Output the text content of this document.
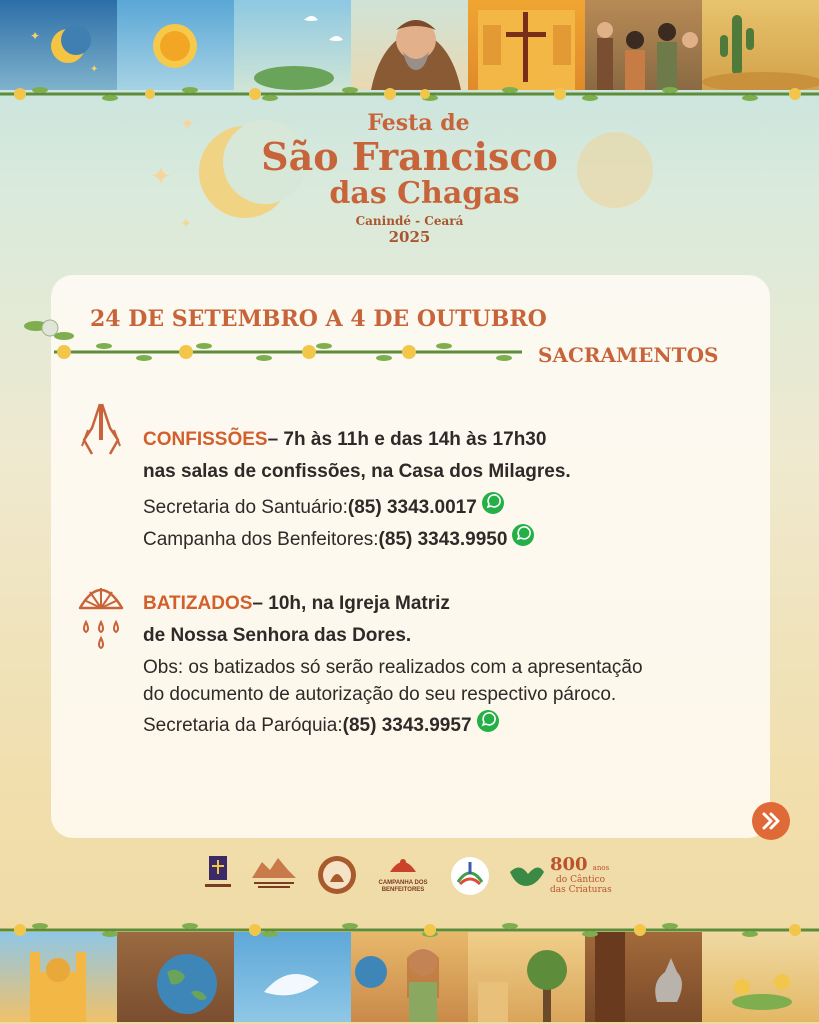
✦
✦
✦
✦
✦
Festa de
São Francisco
das Chagas
Canindé - Ceará
2025
24 DE SETEMBRO A 4 DE OUTUBRO
SACRAMENTOS
CONFISSÕES – 7h às 11h e das 14h às 17h30
nas salas de confissões, na Casa dos Milagres.
Secretaria do Santuário: (85) 3343.0017
Campanha dos Benfeitores: (85) 3343.9950
BATIZADOS – 10h, na Igreja Matriz
de Nossa Senhora das Dores.
Obs: os batizados só serão realizados com a apresentação
do documento de autorização do seu respectivo pároco.
Secretaria da Paróquia: (85) 3343.9957
CAMPANHA DOS BENFEITORES
800 anos
do Cântico
das Criaturas
